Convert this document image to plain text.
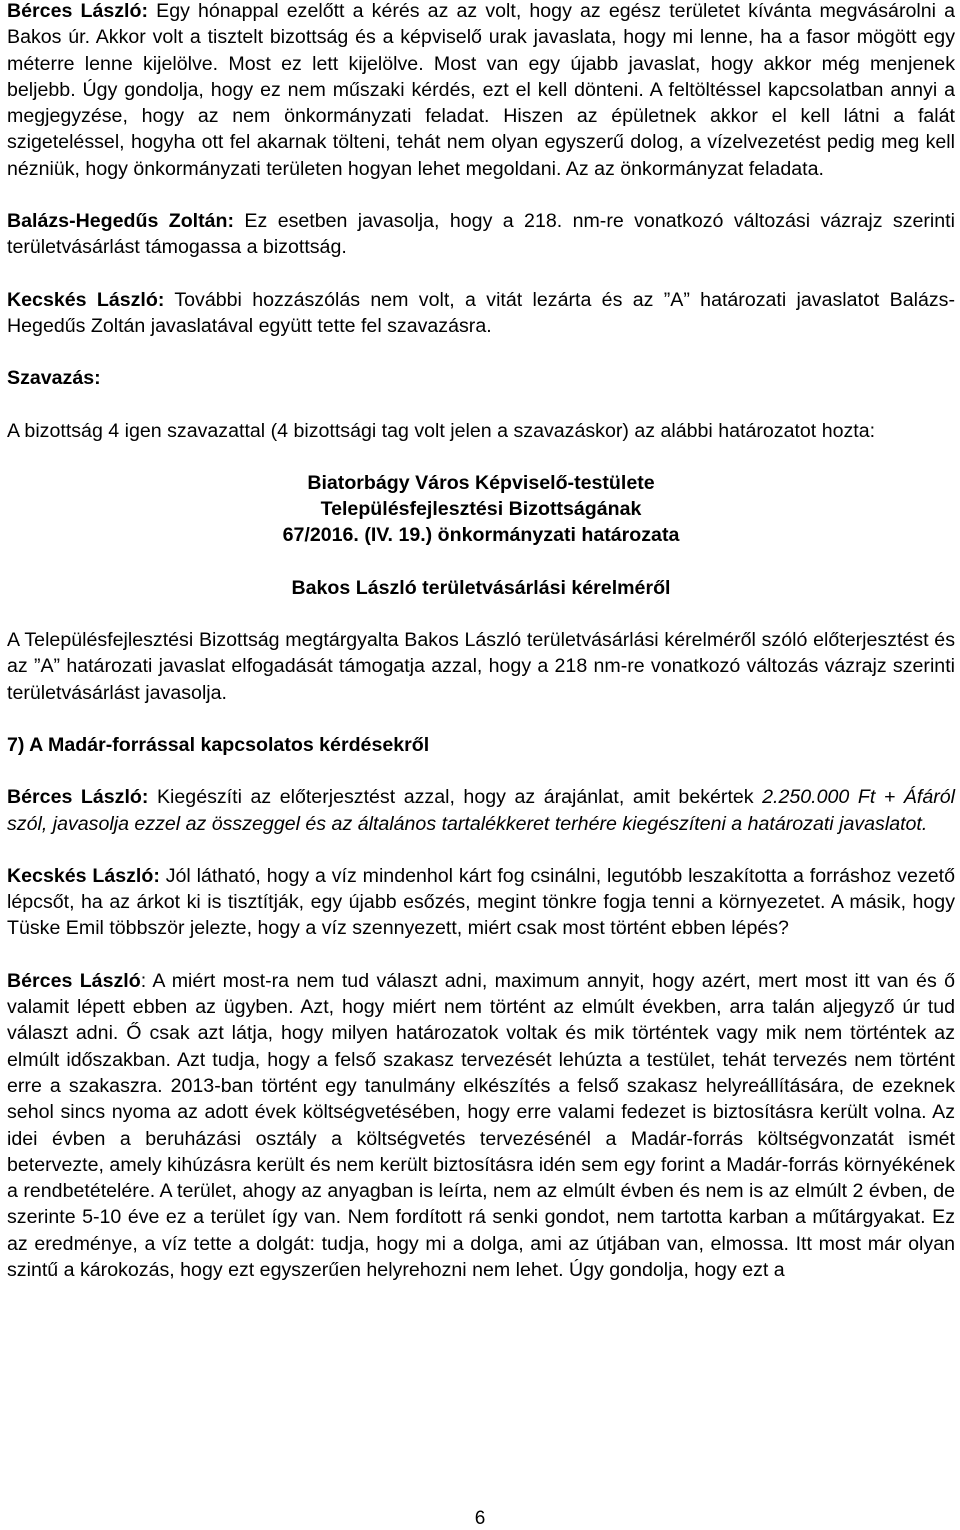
Bérces László: Egy hónappal ezelőtt a kérés az az volt, hogy az egész területet kívánta megvásárolni a Bakos úr. Akkor volt a tisztelt bizottság és a képviselő urak javaslata, hogy mi lenne, ha a fasor mögött egy méterre lenne kijelölve. Most ez lett kijelölve. Most van egy újabb javaslat, hogy akkor még menjenek beljebb. Úgy gondolja, hogy ez nem műszaki kérdés, ezt el kell dönteni. A feltöltéssel kapcsolatban annyi a megjegyzése, hogy az nem önkormányzati feladat. Hiszen az épületnek akkor el kell látni a falát szigeteléssel, hogyha ott fel akarnak tölteni, tehát nem olyan egyszerű dolog, a vízelvezetést pedig meg kell nézniük, hogy önkormányzati területen hogyan lehet megoldani. Az az önkormányzat feladata.

Balázs-Hegedűs Zoltán: Ez esetben javasolja, hogy a 218. nm-re vonatkozó változási vázrajz szerinti területvásárlást támogassa a bizottság.

Kecskés László: További hozzászólás nem volt, a vitát lezárta és az ”A” határozati javaslatot Balázs-Hegedűs Zoltán javaslatával együtt tette fel szavazásra.

Szavazás:

A bizottság 4 igen szavazattal (4 bizottsági tag volt jelen a szavazáskor) az alábbi határozatot hozta:

Biatorbágy Város Képviselő-testülete

Településfejlesztési Bizottságának

67/2016. (IV. 19.) önkormányzati határozata

Bakos László területvásárlási kérelméről

A Településfejlesztési Bizottság megtárgyalta Bakos László területvásárlási kérelméről szóló előterjesztést és az ”A” határozati javaslat elfogadását támogatja azzal, hogy a 218 nm-re vonatkozó változás vázrajz szerinti területvásárlást javasolja.

7) A Madár-forrással kapcsolatos kérdésekről

Bérces László: Kiegészíti az előterjesztést azzal, hogy az árajánlat, amit bekértek 2.250.000 Ft + Áfáról szól, javasolja ezzel az összeggel és az általános tartalékkeret terhére kiegészíteni a határozati javaslatot.

Kecskés László: Jól látható, hogy a víz mindenhol kárt fog csinálni, legutóbb leszakította a forráshoz vezető lépcsőt, ha az árkot ki is tisztítják, egy újabb esőzés, megint tönkre fogja tenni a környezetet. A másik, hogy Tüske Emil többször jelezte, hogy a víz szennyezett, miért csak most történt ebben lépés?

Bérces László: A miért most-ra nem tud választ adni, maximum annyit, hogy azért, mert most itt van és ő valamit lépett ebben az ügyben. Azt, hogy miért nem történt az elmúlt években, arra talán aljegyző úr tud választ adni. Ő csak azt látja, hogy milyen határozatok voltak és mik történtek vagy mik nem történtek az elmúlt időszakban. Azt tudja, hogy a felső szakasz tervezését lehúzta a testület, tehát tervezés nem történt erre a szakaszra. 2013-ban történt egy tanulmány elkészítés a felső szakasz helyreállítására, de ezeknek sehol sincs nyoma az adott évek költségvetésében, hogy erre valami fedezet is biztosításra került volna. Az idei évben a beruházási osztály a költségvetés tervezésénél a Madár-forrás költségvonzatát ismét betervezte, amely kihúzásra került és nem került biztosításra idén sem egy forint a Madár-forrás környékének a rendbetételére. A terület, ahogy az anyagban is leírta, nem az elmúlt évben és nem is az elmúlt 2 évben, de szerinte 5-10 éve ez a terület így van. Nem fordított rá senki gondot, nem tartotta karban a műtárgyakat. Ez az eredménye, a víz tette a dolgát: tudja, hogy mi a dolga, ami az útjában van, elmossa. Itt most már olyan szintű a károkozás, hogy ezt egyszerűen helyrehozni nem lehet. Úgy gondolja, hogy ezt a

6
